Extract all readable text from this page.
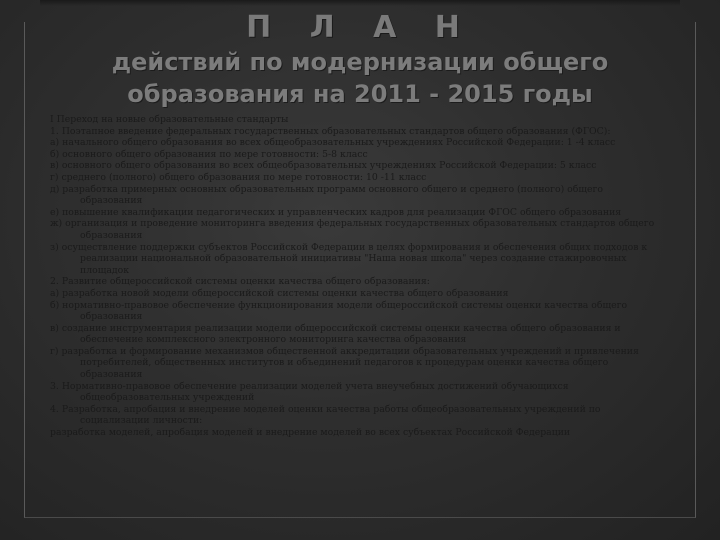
П Л А Н
действий по модернизации общего
образования на 2011 - 2015 годы
I Переход на новые образовательные стандарты
1. Поэтапное введение федеральных государственных образовательных стандартов общего образования (ФГОС):
а) начального общего образования во всех общеобразовательных учреждениях Российской Федерации: 1 -4 класс
б) основного общего образования по мере готовности: 5-8 класс
в) основного общего образования во всех общеобразовательных учреждениях Российской Федерации: 5 класс
г) среднего (полного) общего образования по мере готовности: 10 -11 класс
д) разработка примерных основных образовательных программ основного общего и среднего (полного) общего
образования
е) повышение квалификации педагогических и управленческих кадров для реализации ФГОС общего образования
ж) организация и проведение мониторинга введения федеральных государственных образовательных стандартов общего
образования
з) осуществление поддержки субъектов Российской Федерации в целях формирования и обеспечения общих подходов к
реализации национальной образовательной инициативы "Наша новая школа" через создание стажировочных
площадок
2. Развитие общероссийской системы оценки качества общего образования:
а) разработка новой модели общероссийской системы оценки качества общего образования
б) нормативно-правовое обеспечение функционирования модели общероссийской системы оценки качества общего
образования
в) создание инструментария реализации модели общероссийской системы оценки качества общего образования и
обеспечение комплексного электронного мониторинга качества образования
г) разработка и формирование механизмов общественной аккредитации образовательных учреждений и привлечения
потребителей, общественных институтов и объединений педагогов к процедурам оценки качества общего
образования
3. Нормативно-правовое обеспечение реализации моделей учета внеучебных достижений обучающихся
общеобразовательных учреждений
4. Разработка, апробация и внедрение моделей оценки качества работы общеобразовательных учреждений по
социализации личности:
разработка моделей, апробация моделей и внедрение моделей во всех субъектах Российской Федерации
